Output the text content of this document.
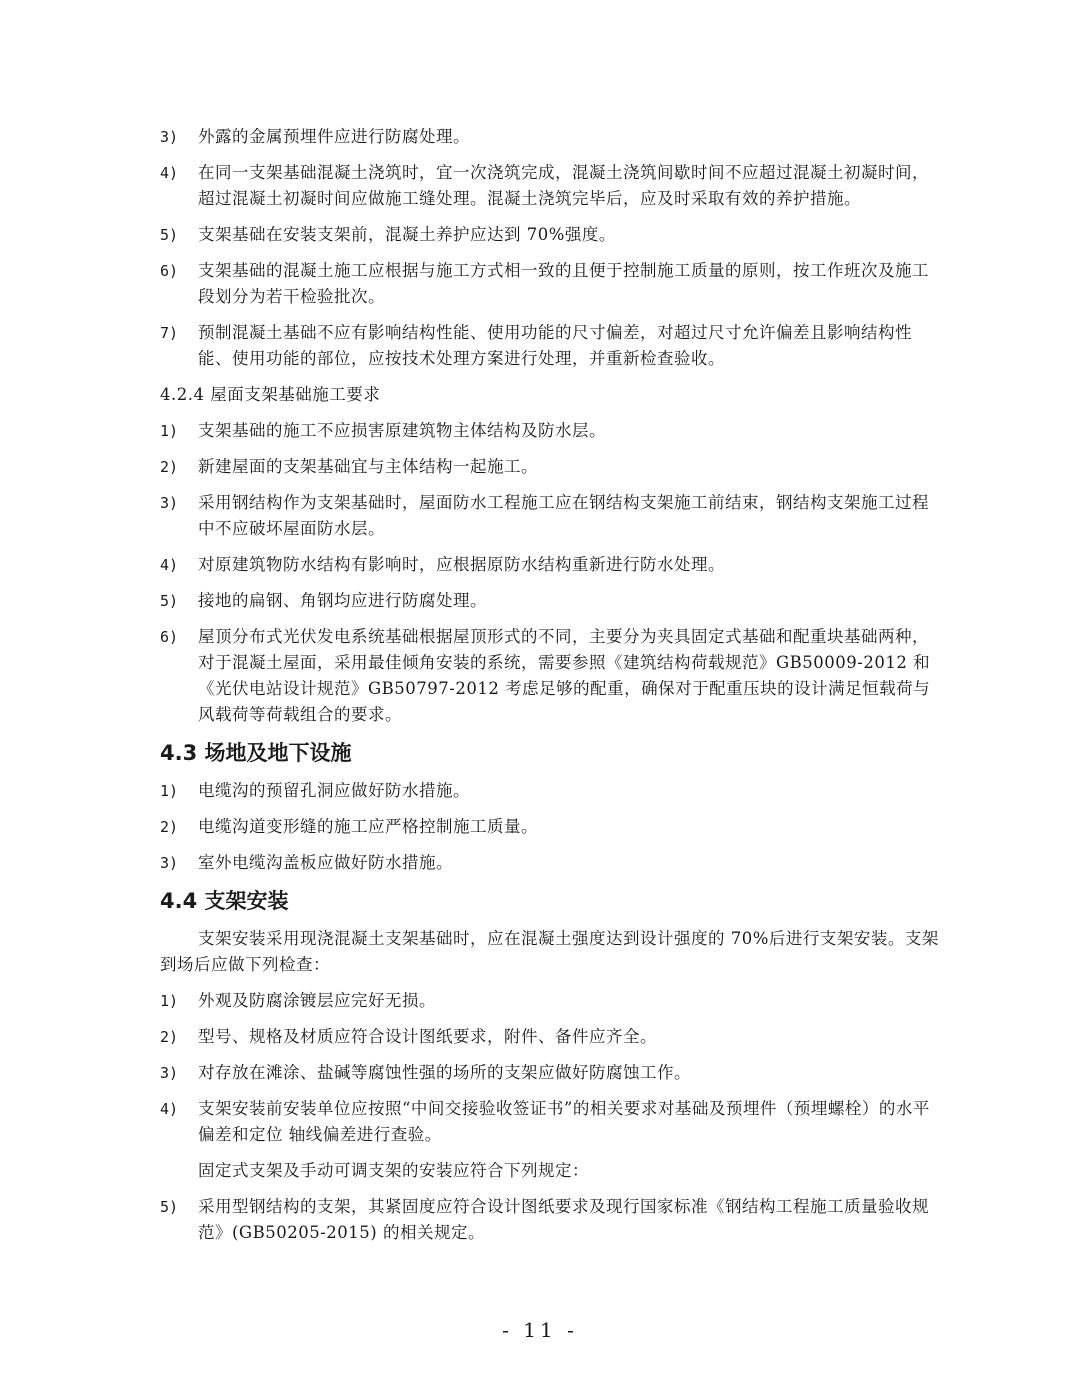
3)	外露的金属预埋件应进行防腐处理。
4)	在同一支架基础混凝土浇筑时，宜一次浇筑完成，混凝土浇筑间歇时间不应超过混凝土初凝时间，超过混凝土初凝时间应做施工缝处理。混凝土浇筑完毕后，应及时采取有效的养护措施。
5)	支架基础在安装支架前，混凝土养护应达到 70%强度。
6)	支架基础的混凝土施工应根据与施工方式相一致的且便于控制施工质量的原则，按工作班次及施工段划分为若干检验批次。
7)	预制混凝土基础不应有影响结构性能、使用功能的尺寸偏差，对超过尺寸允许偏差且影响结构性能、使用功能的部位，应按技术处理方案进行处理，并重新检查验收。
4.2.4 屋面支架基础施工要求
1)	支架基础的施工不应损害原建筑物主体结构及防水层。
2)	新建屋面的支架基础宜与主体结构一起施工。
3)	采用钢结构作为支架基础时，屋面防水工程施工应在钢结构支架施工前结束，钢结构支架施工过程中不应破坏屋面防水层。
4)	对原建筑物防水结构有影响时，应根据原防水结构重新进行防水处理。
5)	接地的扁钢、角钢均应进行防腐处理。
6)	屋顶分布式光伏发电系统基础根据屋顶形式的不同，主要分为夹具固定式基础和配重块基础两种，对于混凝土屋面，采用最佳倾角安装的系统，需要参照《建筑结构荷载规范》GB50009-2012 和《光伏电站设计规范》GB50797-2012 考虑足够的配重，确保对于配重压块的设计满足恒载荷与风载荷等荷载组合的要求。
4.3 场地及地下设施
1)	电缆沟的预留孔洞应做好防水措施。
2)	电缆沟道变形缝的施工应严格控制施工质量。
3)	室外电缆沟盖板应做好防水措施。
4.4 支架安装
支架安装采用现浇混凝土支架基础时，应在混凝土强度达到设计强度的 70%后进行支架安装。支架到场后应做下列检查：
1)	外观及防腐涂镀层应完好无损。
2)	型号、规格及材质应符合设计图纸要求，附件、备件应齐全。
3)	对存放在滩涂、盐碱等腐蚀性强的场所的支架应做好防腐蚀工作。
4)	支架安装前安装单位应按照“中间交接验收签证书”的相关要求对基础及预埋件（预埋螺栓）的水平偏差和定位 轴线偏差进行查验。
固定式支架及手动可调支架的安装应符合下列规定：
5)	采用型钢结构的支架，其紧固度应符合设计图纸要求及现行国家标准《钢结构工程施工质量验收规范》(GB50205-2015) 的相关规定。
- 11 -
